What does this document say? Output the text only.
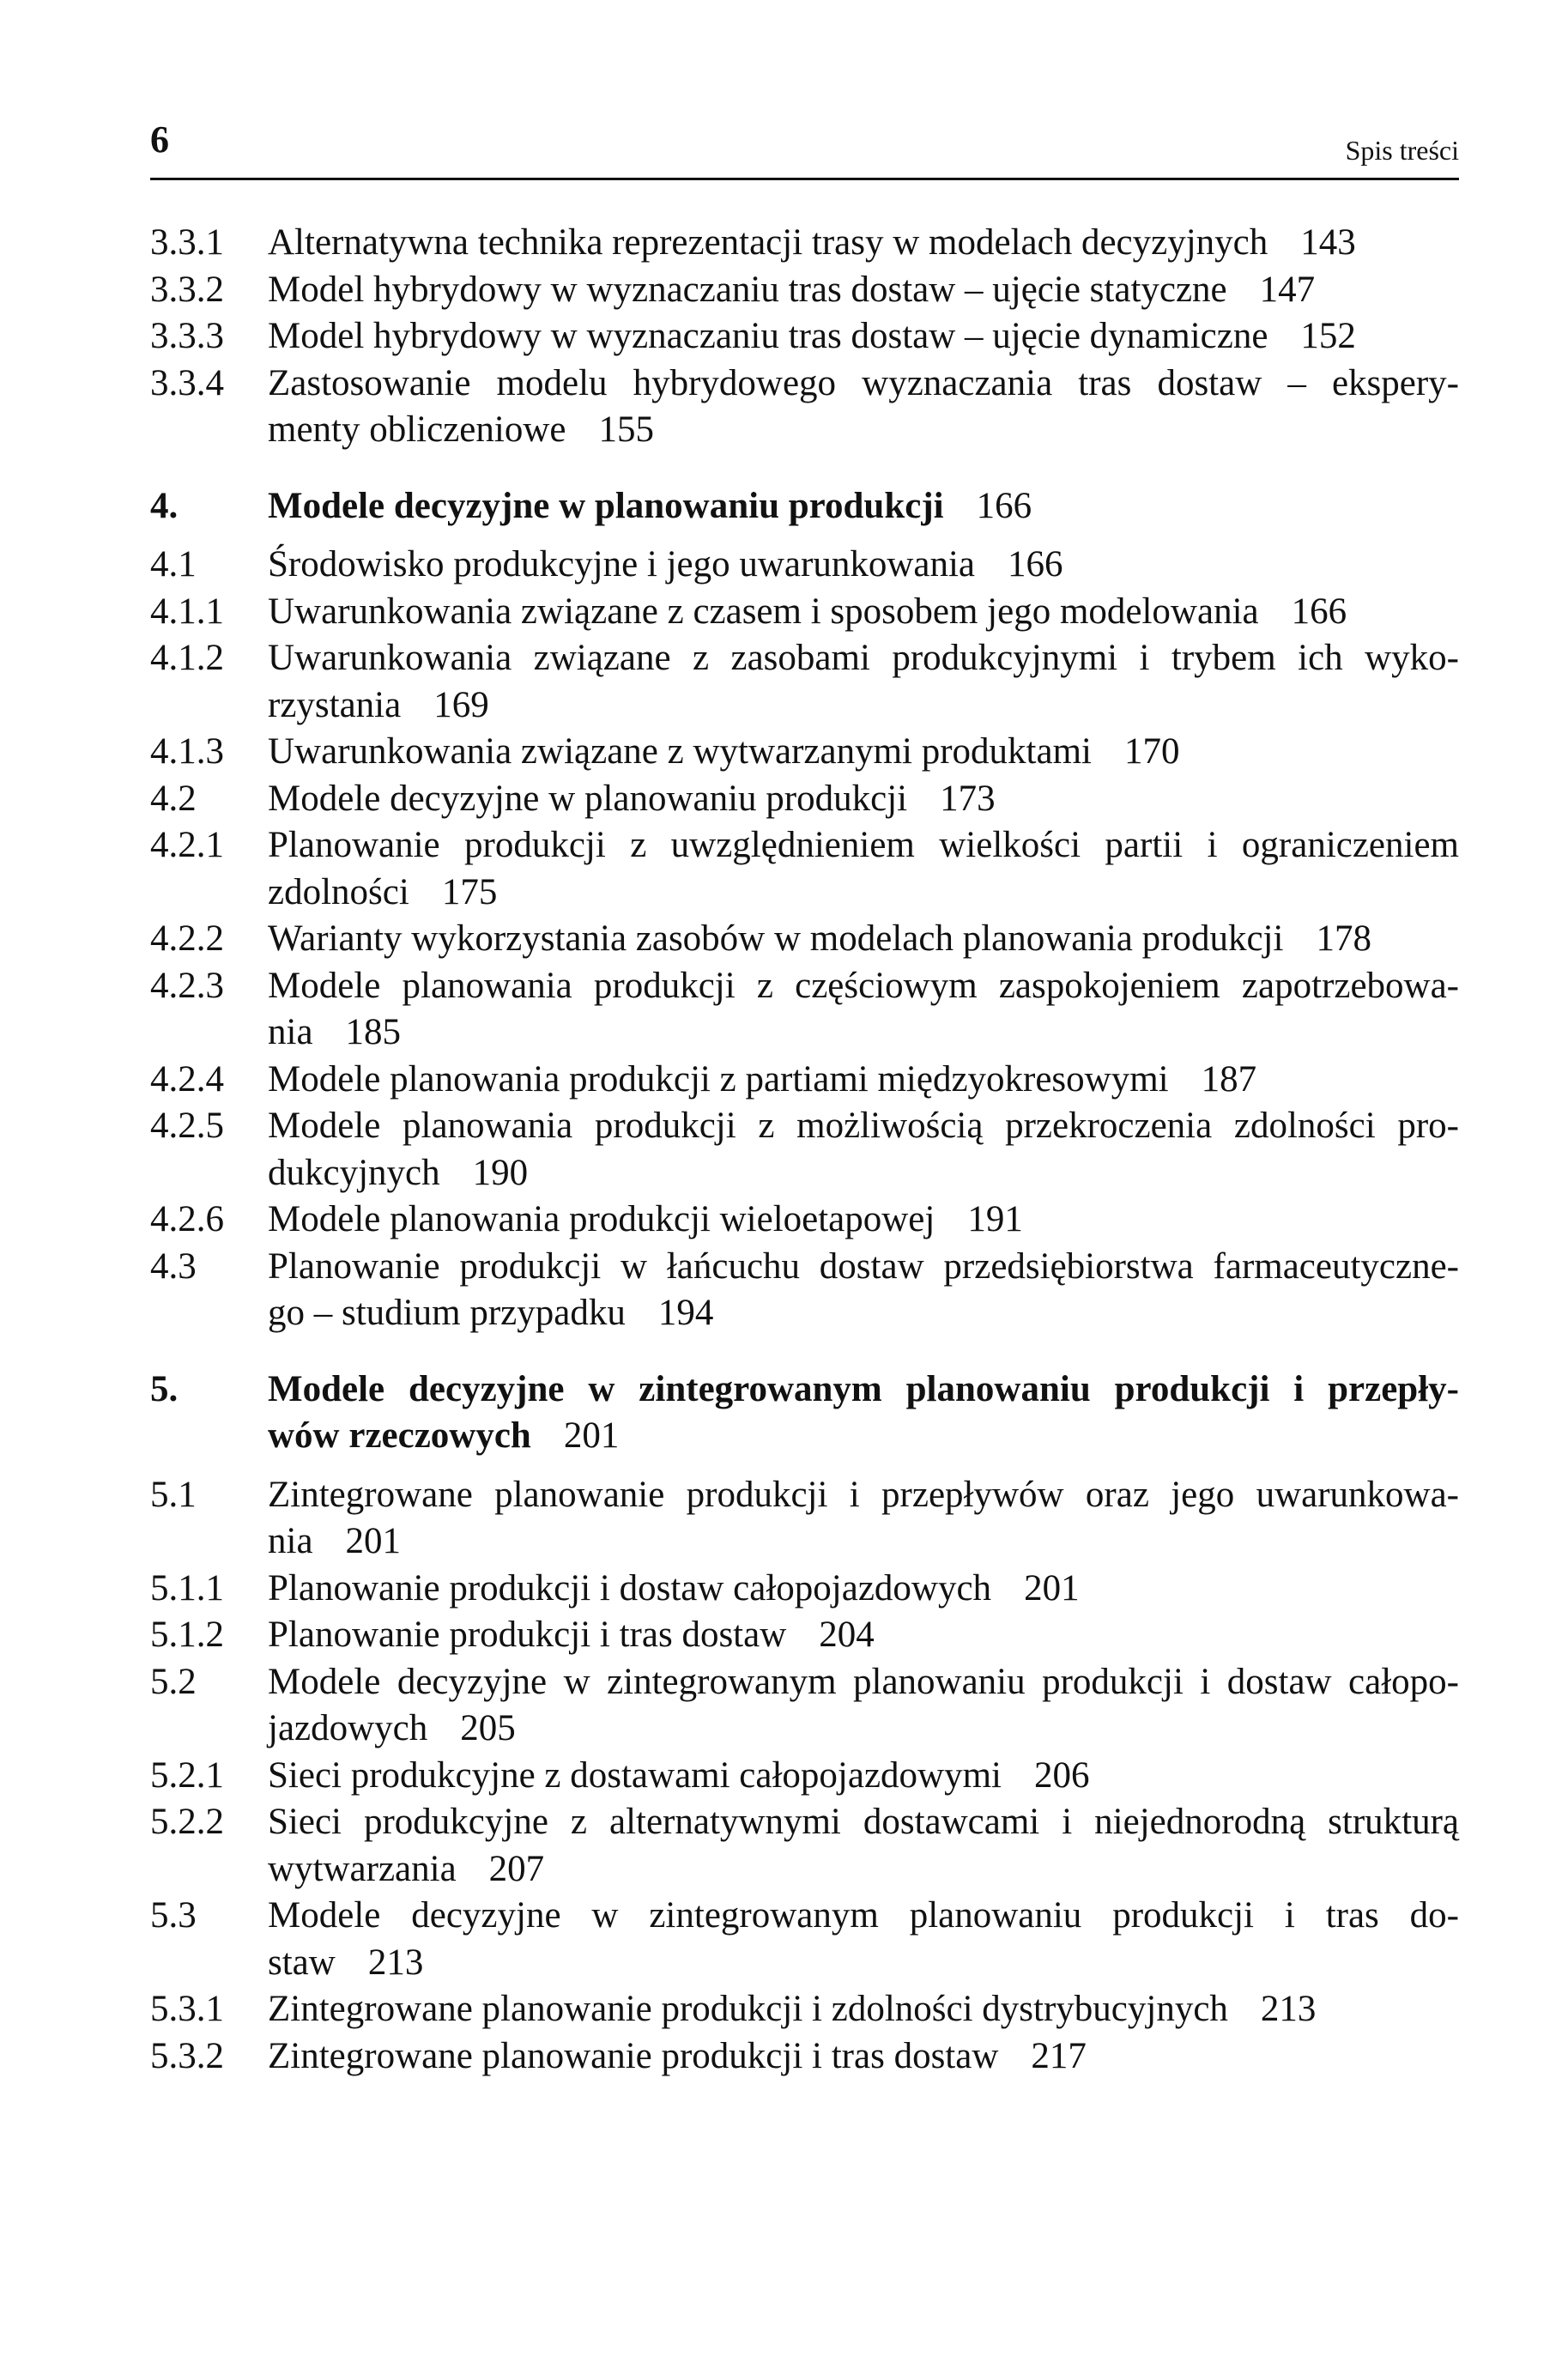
6	Spis treści
3.3.1 Alternatywna technika reprezentacji trasy w modelach decyzyjnych 143
3.3.2 Model hybrydowy w wyznaczaniu tras dostaw – ujęcie statyczne 147
3.3.3 Model hybrydowy w wyznaczaniu tras dostaw – ujęcie dynamiczne 152
3.3.4 Zastosowanie modelu hybrydowego wyznaczania tras dostaw – ekspery-
menty obliczeniowe 155
4. Modele decyzyjne w planowaniu produkcji 166
4.1 Środowisko produkcyjne i jego uwarunkowania 166
4.1.1 Uwarunkowania związane z czasem i sposobem jego modelowania 166
4.1.2 Uwarunkowania związane z zasobami produkcyjnymi i trybem ich wyko-
rzystania 169
4.1.3 Uwarunkowania związane z wytwarzanymi produktami 170
4.2 Modele decyzyjne w planowaniu produkcji 173
4.2.1 Planowanie produkcji z uwzględnieniem wielkości partii i ograniczeniem
zdolności 175
4.2.2 Warianty wykorzystania zasobów w modelach planowania produkcji 178
4.2.3 Modele planowania produkcji z częściowym zaspokojeniem zapotrzebowa-
nia 185
4.2.4 Modele planowania produkcji z partiami międzyokresowymi 187
4.2.5 Modele planowania produkcji z możliwością przekroczenia zdolności pro-
dukcyjnych 190
4.2.6 Modele planowania produkcji wieloetapowej 191
4.3 Planowanie produkcji w łańcuchu dostaw przedsiębiorstwa farmaceutyczne-
go – studium przypadku 194
5. Modele decyzyjne w zintegrowanym planowaniu produkcji i przepły-
wów rzeczowych 201
5.1 Zintegrowane planowanie produkcji i przepływów oraz jego uwarunkowa-
nia 201
5.1.1 Planowanie produkcji i dostaw całopojazdowych 201
5.1.2 Planowanie produkcji i tras dostaw 204
5.2 Modele decyzyjne w zintegrowanym planowaniu produkcji i dostaw całopo-
jazdowych 205
5.2.1 Sieci produkcyjne z dostawami całopojazdowymi 206
5.2.2 Sieci produkcyjne z alternatywnymi dostawcami i niejednorodną strukturą
wytwarzania 207
5.3 Modele decyzyjne w zintegrowanym planowaniu produkcji i tras do-
staw 213
5.3.1 Zintegrowane planowanie produkcji i zdolności dystrybucyjnych 213
5.3.2 Zintegrowane planowanie produkcji i tras dostaw 217
